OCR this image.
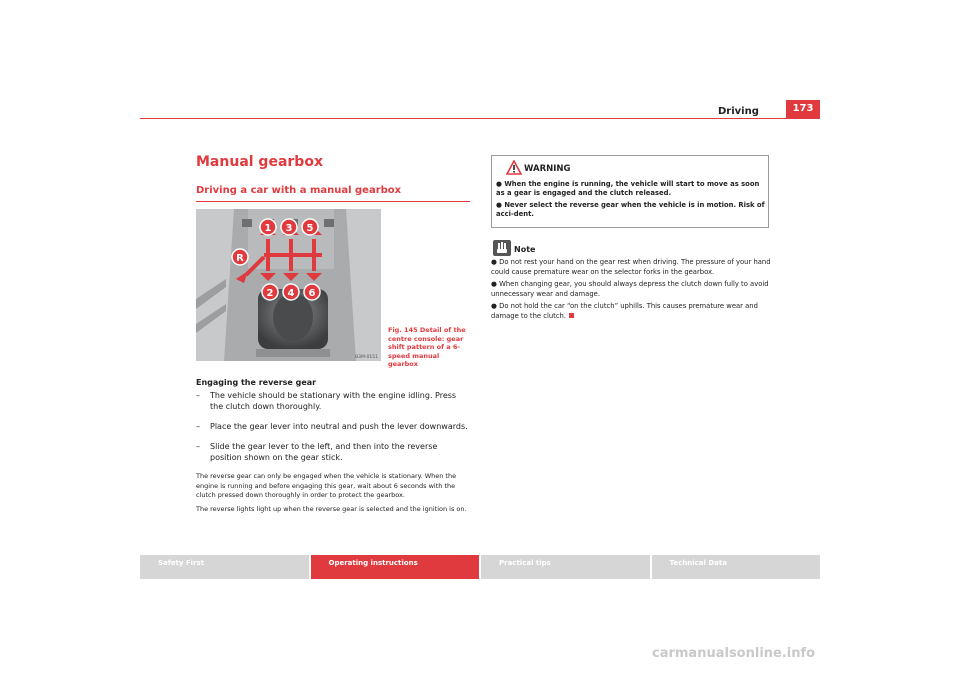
Driving	173
Manual gearbox
Driving a car with a manual gearbox
1 3 5
R
2 4 6
B3M-0151
Fig. 145 Detail of the centre console: gear shift pattern of a 6-speed manual gearbox
Engaging the reverse gear
– The vehicle should be stationary with the engine idling. Press the clutch down thoroughly.
– Place the gear lever into neutral and push the lever downwards.
– Slide the gear lever to the left, and then into the reverse position shown on the gear stick.
The reverse gear can only be engaged when the vehicle is stationary. When the engine is running and before engaging this gear, wait about 6 seconds with the clutch pressed down thoroughly in order to protect the gearbox.
The reverse lights light up when the reverse gear is selected and the ignition is on.
WARNING
● When the engine is running, the vehicle will start to move as soon as a gear is engaged and the clutch released.
● Never select the reverse gear when the vehicle is in motion. Risk of acci-dent.
Note
● Do not rest your hand on the gear rest when driving. The pressure of your hand could cause premature wear on the selector forks in the gearbox.
● When changing gear, you should always depress the clutch down fully to avoid unnecessary wear and damage.
● Do not hold the car “on the clutch” uphills. This causes premature wear and damage to the clutch.
Safety First	Operating instructions	Practical tips	Technical Data
carmanualsonline.info
